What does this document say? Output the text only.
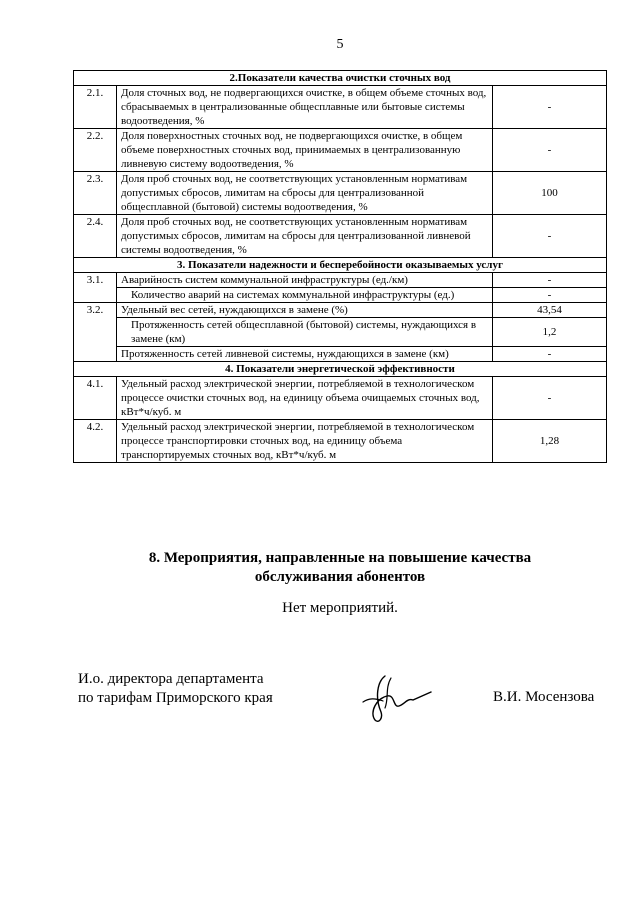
5
2.Показатели качества очистки сточных вод		
2.1.	Доля сточных вод, не подвергающихся очистке, в общем объеме сточных вод, сбрасываемых в централизованные общесплавные или бытовые системы водоотведения, %	-
2.2.	Доля поверхностных сточных вод, не подвергающихся очистке, в общем объеме поверхностных сточных вод, принимаемых в централизованную ливневую систему водоотведения, %	-
2.3.	Доля проб сточных вод, не соответствующих установленным нормативам допустимых сбросов, лимитам на сбросы для централизованной общесплавной (бытовой) системы водоотведения, %	100
2.4.	Доля проб сточных вод, не соответствующих установленным нормативам допустимых сбросов, лимитам на сбросы для централизованной ливневой системы водоотведения, %	-
3. Показатели надежности и бесперебойности оказываемых услуг		
3.1.	Аварийность систем коммунальной инфраструктуры (ед./км)	-
	Количество аварий на системах коммунальной инфраструктуры (ед.)	-
3.2.	Удельный вес сетей, нуждающихся в замене (%)	43,54
	Протяженность сетей общесплавной (бытовой) системы, нуждающихся в замене (км)	1,2
	Протяженность сетей ливневой системы, нуждающихся в замене (км)	-
4. Показатели энергетической эффективности		
4.1.	Удельный расход электрической энергии, потребляемой в технологическом процессе очистки сточных вод, на единицу объема очищаемых сточных вод, кВт*ч/куб. м	-
4.2.	Удельный расход электрической энергии, потребляемой в технологическом процессе транспортировки сточных вод, на единицу объема транспортируемых сточных вод, кВт*ч/куб. м	1,28
8. Мероприятия, направленные на повышение качества
обслуживания абонентов
Нет мероприятий.
И.о. директора департамента
по тарифам Приморского края	В.И. Мосензова
